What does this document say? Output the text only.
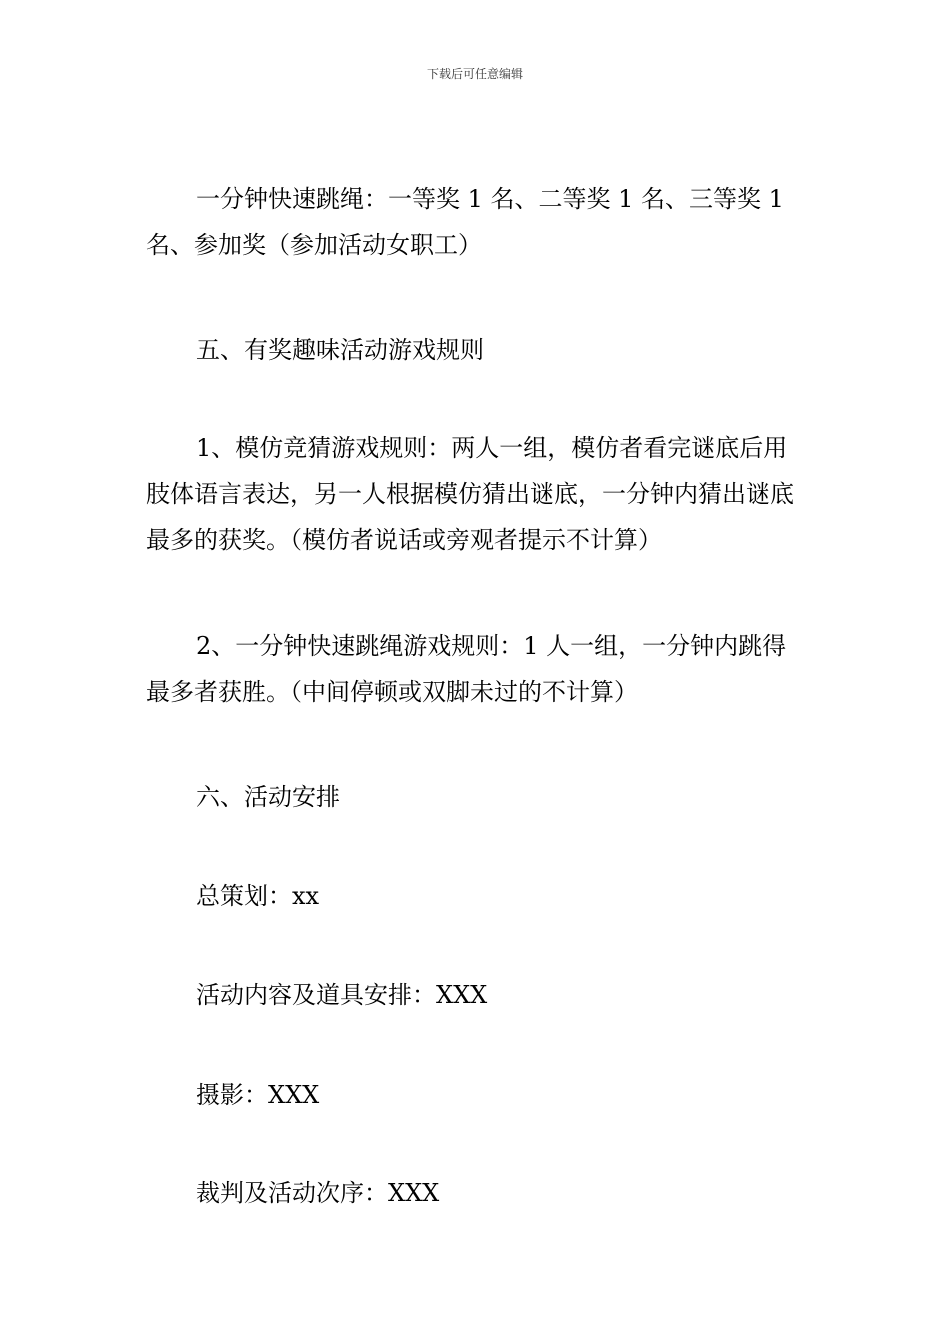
下载后可任意编辑

一分钟快速跳绳：一等奖 1 名、二等奖 1 名、三等奖 1 名、参加奖（参加活动女职工）

五、有奖趣味活动游戏规则

1、模仿竞猜游戏规则：两人一组，模仿者看完谜底后用肢体语言表达，另一人根据模仿猜出谜底，一分钟内猜出谜底最多的获奖。（模仿者说话或旁观者提示不计算）

2、一分钟快速跳绳游戏规则：1 人一组，一分钟内跳得最多者获胜。（中间停顿或双脚未过的不计算）

六、活动安排

总策划：xx

活动内容及道具安排：XXX

摄影：XXX

裁判及活动次序：XXX
